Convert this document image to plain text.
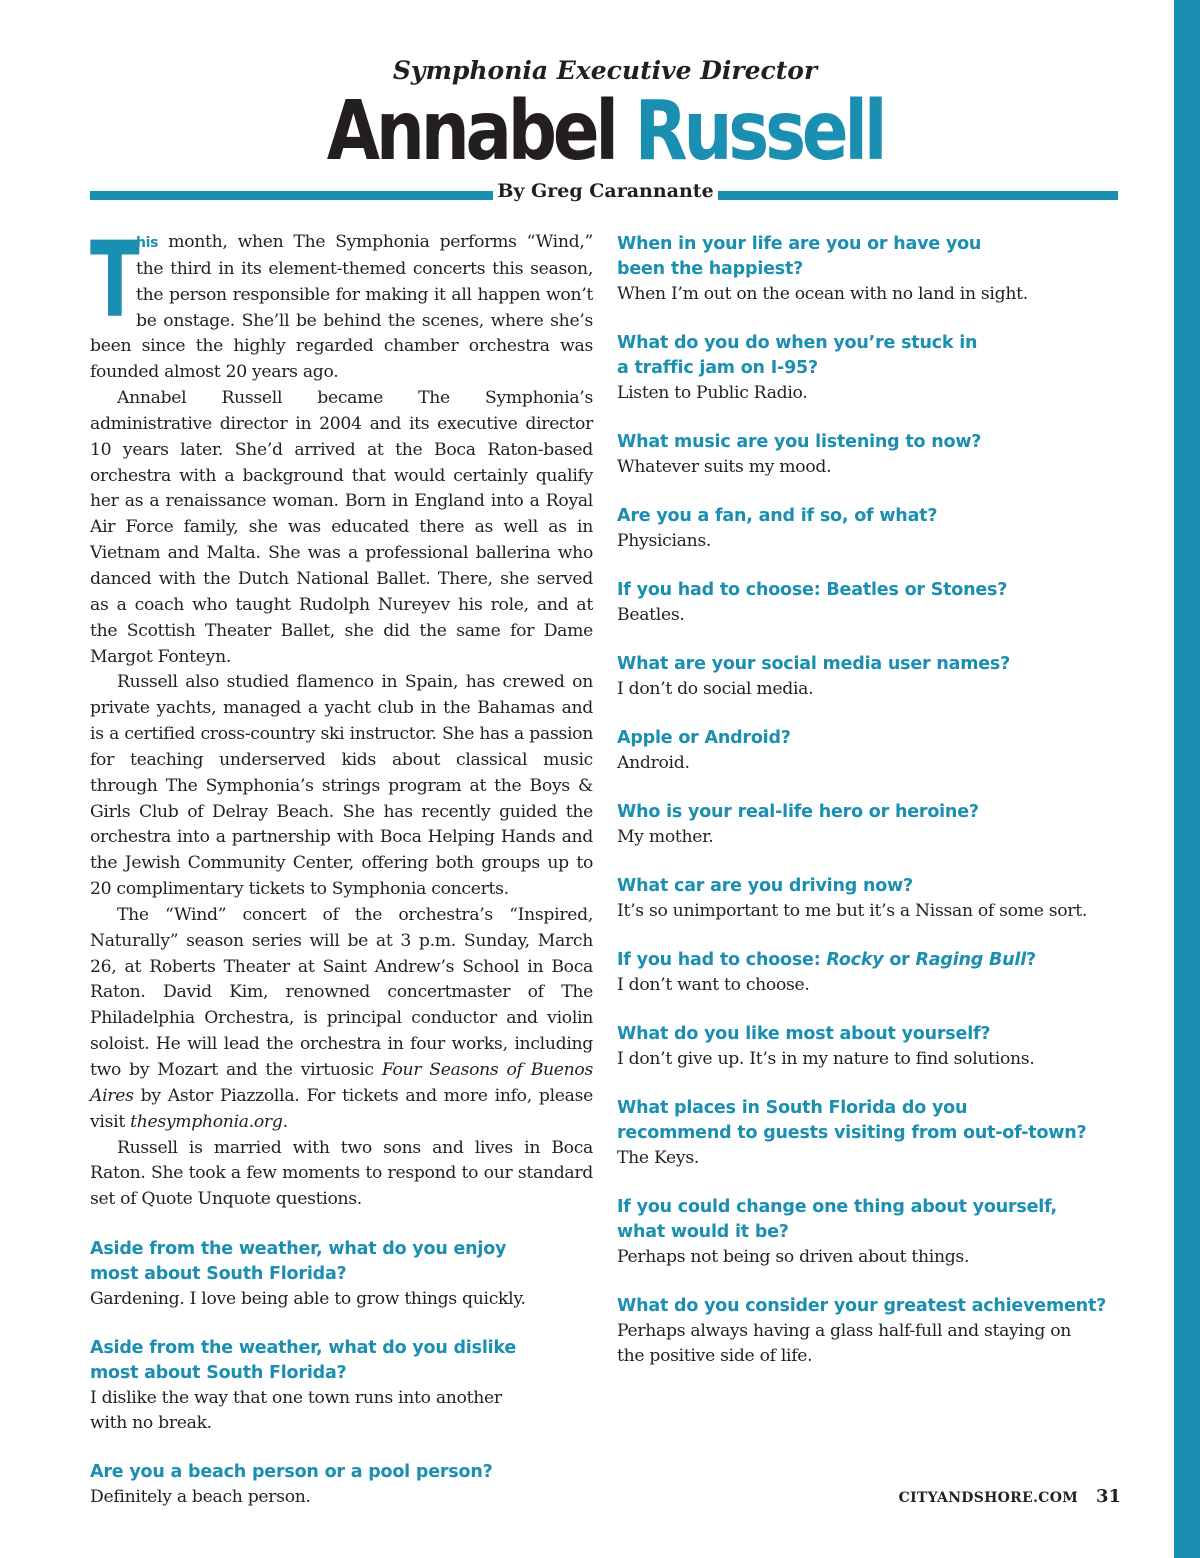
Symphonia Executive Director
Annabel Russell
By Greg Carannante

T
his month, when The Symphonia performs “Wind,” the third in its element-themed concerts this season, the person responsible for making it all happen won’t be onstage. She’ll be behind the scenes, where she’s been since the highly regarded chamber orchestra was founded almost 20 years ago.

Annabel Russell became The Symphonia’s administrative director in 2004 and its executive director 10 years later. She’d arrived at the Boca Raton-based orchestra with a background that would certainly qualify her as a renaissance woman. Born in England into a Royal Air Force family, she was educated there as well as in Vietnam and Malta. She was a professional ballerina who danced with the Dutch National Ballet. There, she served as a coach who taught Rudolph Nureyev his role, and at the Scottish Theater Ballet, she did the same for Dame Margot Fonteyn.

Russell also studied flamenco in Spain, has crewed on private yachts, managed a yacht club in the Bahamas and is a certified cross-country ski instructor. She has a passion for teaching underserved kids about classical music through The Symphonia’s strings program at the Boys & Girls Club of Delray Beach. She has recently guided the orchestra into a partnership with Boca Helping Hands and the Jewish Community Center, offering both groups up to 20 complimentary tickets to Symphonia concerts.

The “Wind” concert of the orchestra’s “Inspired, Naturally” season series will be at 3 p.m. Sunday, March 26, at Roberts Theater at Saint Andrew’s School in Boca Raton. David Kim, renowned concertmaster of The Philadelphia Orchestra, is principal conductor and violin soloist. He will lead the orchestra in four works, including two by Mozart and the virtuosic Four Seasons of Buenos Aires by Astor Piazzolla. For tickets and more info, please visit thesymphonia.org.

Russell is married with two sons and lives in Boca Raton. She took a few moments to respond to our standard set of Quote Unquote questions.

Aside from the weather, what do you enjoy most about South Florida?

Gardening. I love being able to grow things quickly.

Aside from the weather, what do you dislike most about South Florida?

I dislike the way that one town runs into another with no break.

Are you a beach person or a pool person?

Definitely a beach person.

When in your life are you or have you been the happiest?

When I’m out on the ocean with no land in sight.

What do you do when you’re stuck in a traffic jam on I-95?

Listen to Public Radio.

What music are you listening to now?

Whatever suits my mood.

Are you a fan, and if so, of what?

Physicians.

If you had to choose: Beatles or Stones?

Beatles.

What are your social media user names?

I don’t do social media.

Apple or Android?

Android.

Who is your real-life hero or heroine?

My mother.

What car are you driving now?

It’s so unimportant to me but it’s a Nissan of some sort.

If you had to choose: Rocky or Raging Bull?

I don’t want to choose.

What do you like most about yourself?

I don’t give up. It’s in my nature to find solutions.

What places in South Florida do you recommend to guests visiting from out-of-town?

The Keys.

If you could change one thing about yourself, what would it be?

Perhaps not being so driven about things.

What do you consider your greatest achievement?

Perhaps always having a glass half-full and staying on the positive side of life.

CITYANDSHORE.COM 31
